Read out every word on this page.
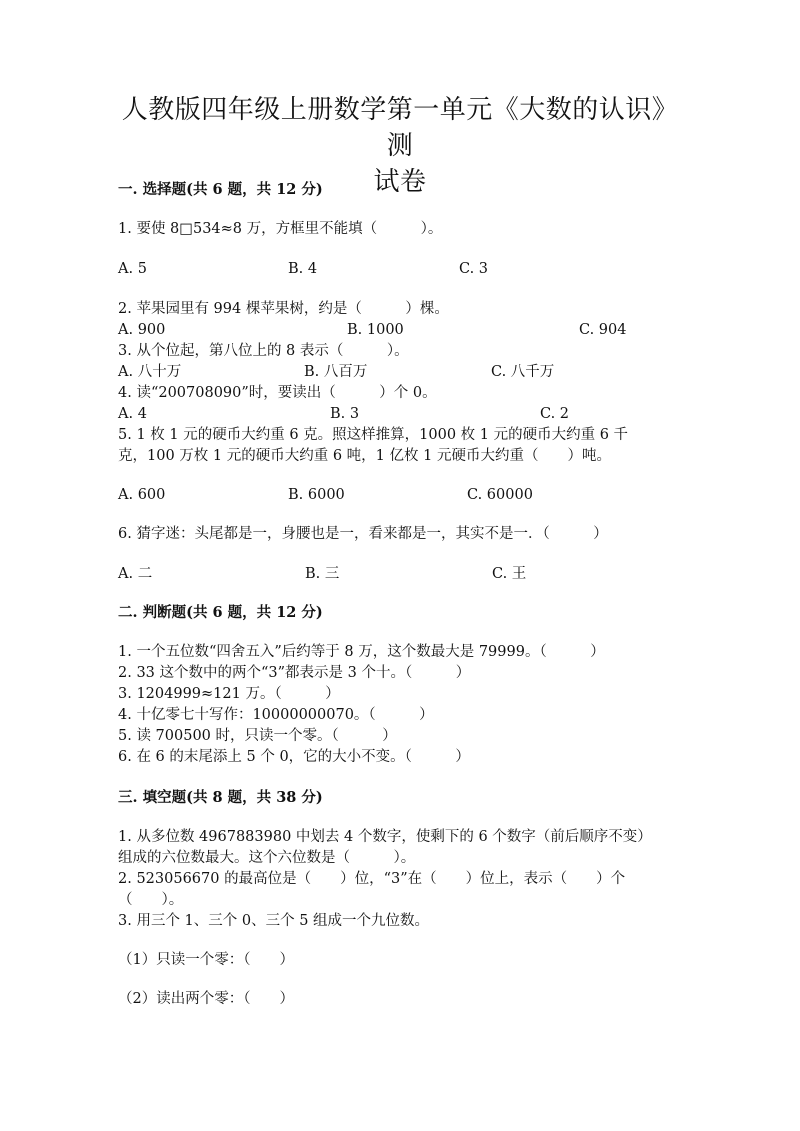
人教版四年级上册数学第一单元《大数的认识》测
试卷
一. 选择题(共 6 题，共 12 分)
1. 要使 8□534≈8 万，方框里不能填（　　　）。
A. 5	B. 4	C. 3
2. 苹果园里有 994 棵苹果树，约是（　　　）棵。
A. 900	B. 1000	C. 904
3. 从个位起，第八位上的 8 表示（　　　）。
A. 八十万	B. 八百万	C. 八千万
4. 读“200708090”时，要读出（　　　）个 0。
A. 4	B. 3	C. 2
5. 1 枚 1 元的硬币大约重 6 克。照这样推算，1000 枚 1 元的硬币大约重 6 千
克，100 万枚 1 元的硬币大约重 6 吨，1 亿枚 1 元硬币大约重（　　）吨。
A. 600	B. 6000	C. 60000
6. 猜字迷：头尾都是一，身腰也是一，看来都是一，其实不是一．（　　　）
A. 二	B. 三	C. 王
二. 判断题(共 6 题，共 12 分)
1. 一个五位数“四舍五入”后约等于 8 万，这个数最大是 79999。（　　　）
2. 33 这个数中的两个“3”都表示是 3 个十。（　　　）
3. 1204999≈121 万。（　　　）
4. 十亿零七十写作：10000000070。（　　　）
5. 读 700500 时，只读一个零。（　　　）
6. 在 6 的末尾添上 5 个 0，它的大小不变。（　　　）
三. 填空题(共 8 题，共 38 分)
1. 从多位数 4967883980 中划去 4 个数字，使剩下的 6 个数字（前后顺序不变）
组成的六位数最大。这个六位数是（　　　）。
2. 523056670 的最高位是（　　）位，“3”在（　　）位上，表示（　　）个
（　　）。
3. 用三个 1、三个 0、三个 5 组成一个九位数。
（1）只读一个零：（　　）
（2）读出两个零：（　　）
